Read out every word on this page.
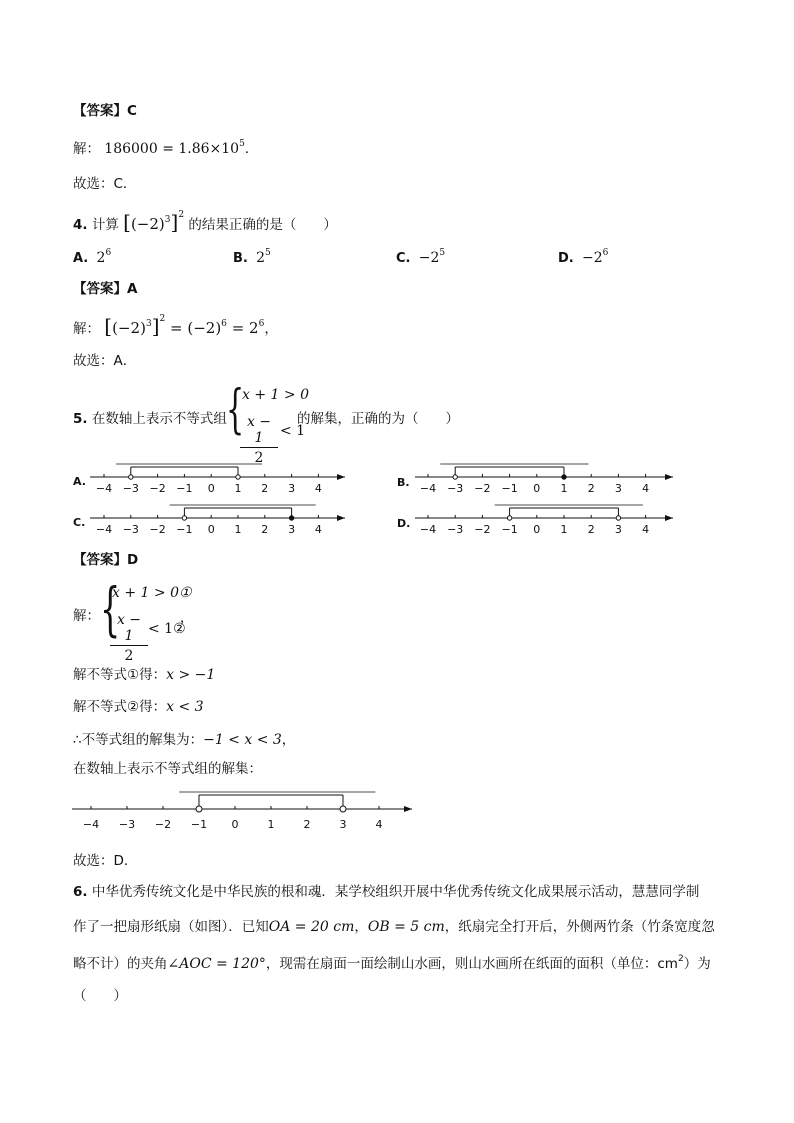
【答案】C
解： $186000 = 1.86\times 10^5$．
故选：C．
4. 计算 $[(-2)^3]^2$ 的结果正确的是（　　）
A. $2^6$	B. $2^5$	C. $-2^5$	D. $-2^6$
【答案】A
解： $[(-2)^3]^2 = (-2)^6 = 2^6$，
故选：A．
5. 在数轴上表示不等式组 {
x + 1 > 0
$\frac{x - 1}{2} < 1$
的解集，正确的为（　　）
A.	B.
C.	D.
−4 −3 −2 −1 0 1 2 3 4	−4 −3 −2 −1 0 1 2 3 4
−4 −3 −2 −1 0 1 2 3 4	−4 −3 −2 −1 0 1 2 3 4
−4 −3 −2 −1 0	1	2	3	4
【答案】D
解： {
x + 1 > 0①
$\frac{x - 1}{2}$ < 1②
，
解不等式①得：x > −1
解不等式②得：x < 3
∴不等式组的解集为：−1 < x < 3，
在数轴上表示不等式组的解集：
故选：D．
6. 中华优秀传统文化是中华民族的根和魂．某学校组织开展中华优秀传统文化成果展示活动，慧慧同学制
作了一把扇形纸扇（如图）．已知OA = 20 cm，OB = 5 cm，纸扇完全打开后，外侧两竹条（竹条宽度忽
略不计）的夹角∠AOC = 120°，现需在扇面一面绘制山水画，则山水画所在纸面的面积（单位：$cm^2$）为
（　　）
